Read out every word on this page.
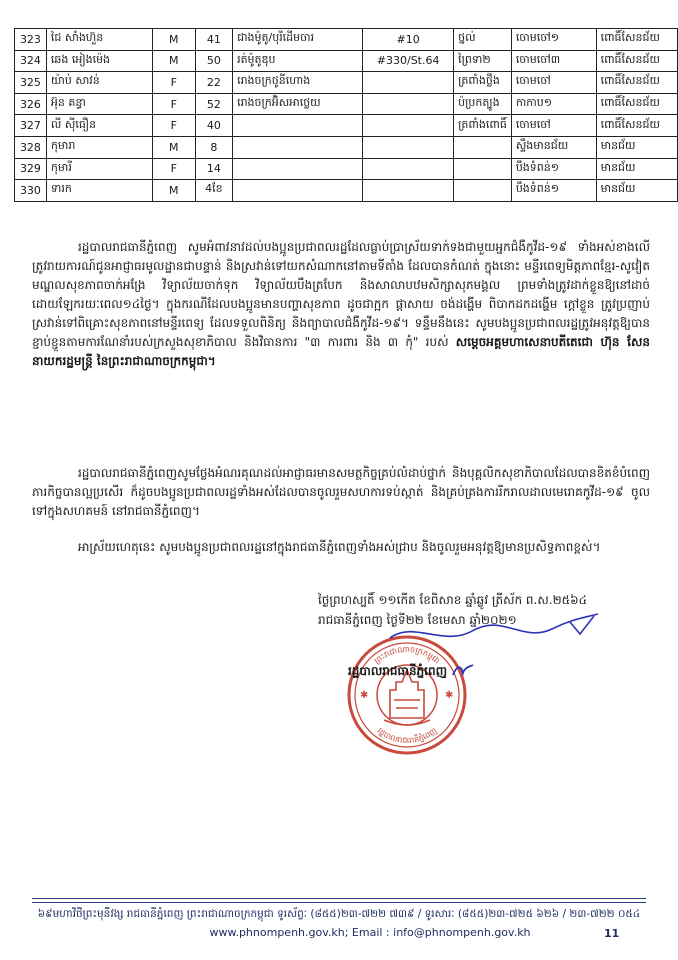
323	ជៃ សាំងហ៊ួន	M	41	ជាងម៉ូតូ/បុរីដើមចារ	#10	ថ្នល់	ចោមចៅ១	ពោធិ៍សែនជ័យ
324	ឆេង អៀងម៉េង	M	50	រត់ម៉ូតូឌុប	#330/St.64	ព្រៃទា២	ចោមចៅ៣	ពោធិ៍សែនជ័យ
325	យ៉ាប់ សាវន់	F	22	រោងចក្រថូនីហោង		ត្រពាំងថ្លឹង	ចោមចៅ	ពោធិ៍សែនជ័យ
326	អ៊ុន គន្ធា	F	52	រោងចក្រអ៊ិសអាថ្លេយ		ប៉ប្រកត្បូង	កាកាប១	ពោធិ៍សែនជ័យ
327	លី ស៊ីធឿន	F	40			ត្រពាំងពោធិ៍	ចោមចៅ	ពោធិ៍សែនជ័យ
328	កុមារា	M	8				ស្ទឹងមានជ័យ	មានជ័យ
329	កុមារី	F	14				បឹងទំពន់១	មានជ័យ
330	ទារក	M	4ខែ				បឹងទំពន់១	មានជ័យ

រដ្ឋបាលរាជធានីភ្នំពេញ សូមអំពាវនាវដល់បងប្អូនប្រជាពលរដ្ឋដែលធ្លាប់ប្រាស្រ័យទាក់ទងជាមួយអ្នកជំងឺកូវីដ-១៩ ទាំងអស់ខាងលើ ត្រូវរាយការណ៍ជូនអាជ្ញាធរមូលដ្ឋានជាបន្ទាន់ និងស្រវាន់ទៅយកសំណាកនៅតាមទីតាំង ដែលបានកំណត់ ក្នុងនោះ មន្ទីរពេទ្យមិត្តភាពខ្មែរ-សូវៀត មណ្ឌលសុខភាពចាក់អង្រែ វិទ្យាល័យចាក់ទុក វិទ្យាល័យបឹងត្របែក និងសាលាបឋមសិក្សាសុភមង្គល ព្រមទាំងត្រូវដាក់ខ្លួនឱ្យនៅដាច់ដោយឡែករយៈពេល១៤ថ្ងៃ។ ក្នុងករណីដែលបងប្អូនមានបញ្ហាសុខភាព ដូចជាក្អក ផ្ដាសាយ ចង់ដង្ហើម ពិបាកដកដង្ហើម ក្ដៅខ្លួន ត្រូវប្រញាប់ស្រវាន់ទៅពិគ្រោះសុខភាពនៅមន្ទីរពេទ្យ ដែលទទួលពិនិត្យ និងព្យាបាលជំងឺកូវីដ-១៩។ ទន្ទឹមនឹងនេះ សូមបងប្អូនប្រជាពលរដ្ឋត្រូវអនុវត្តឱ្យបានខ្ជាប់ខ្ជួនតាមការណែនាំរបស់ក្រសួងសុខាភិបាល និងវិធានការ "៣ ការពារ និង ៣ កុំ" របស់ សម្ដេចអគ្គមហាសេនាបតីតេជោ ហ៊ុន សែន នាយករដ្ឋមន្ត្រី នៃព្រះរាជាណាចក្រកម្ពុជា។

រដ្ឋបាលរាជធានីភ្នំពេញសូមថ្លែងអំណរគុណដល់អាជ្ញាធរមានសមត្ថកិច្ចគ្រប់លំដាប់ថ្នាក់ និងបុគ្គលិកសុខាភិបាលដែលបានខិតខំបំពេញភារកិច្ចបានល្អប្រសើរ ក៏ដូចបងប្អូនប្រជាពលរដ្ឋទាំងអស់ដែលបានចូលរួមសហការទប់ស្កាត់ និងគ្រប់គ្រងការរីករាលដាលមេរោគកូវីដ-១៩ ចូលទៅក្នុងសហគមន៍ នៅរាជធានីភ្នំពេញ។

អាស្រ័យហេតុនេះ សូមបងប្អូនប្រជាពលរដ្ឋនៅក្នុងរាជធានីភ្នំពេញទាំងអស់ជ្រាប និងចូលរួមអនុវត្តឱ្យមានប្រសិទ្ធភាពខ្ពស់។

ថ្ងៃព្រហស្បតិ៍ ១១កើត ខែពិសាខ ឆ្នាំឆ្លូវ ត្រីស័ក ព.ស.២៥៦៤
រាជធានីភ្នំពេញ ថ្ងៃទី២២ ខែមេសា ឆ្នាំ២០២១
ព្រះរាជាណាចក្រកម្ពុជា
រដ្ឋបាលរាជធានីភ្នំពេញ
✱	✱
រដ្ឋបាលរាជធានីភ្នំពេញ
៦៩មហាវិថីព្រះមុនីវង្ស រាជធានីភ្នំពេញ ព្រះរាជាណាចក្រកម្ពុជា ទូរស័ព្ទៈ (៨៥៥)២៣-៧២២ ៧៣៩ / ទូរសារៈ (៨៥៥)២៣-៧២៥ ៦២៦ / ២៣-៧២២ ០៥៤
www.phnompenh.gov.kh; Email : info@phnompenh.gov.kh	11
